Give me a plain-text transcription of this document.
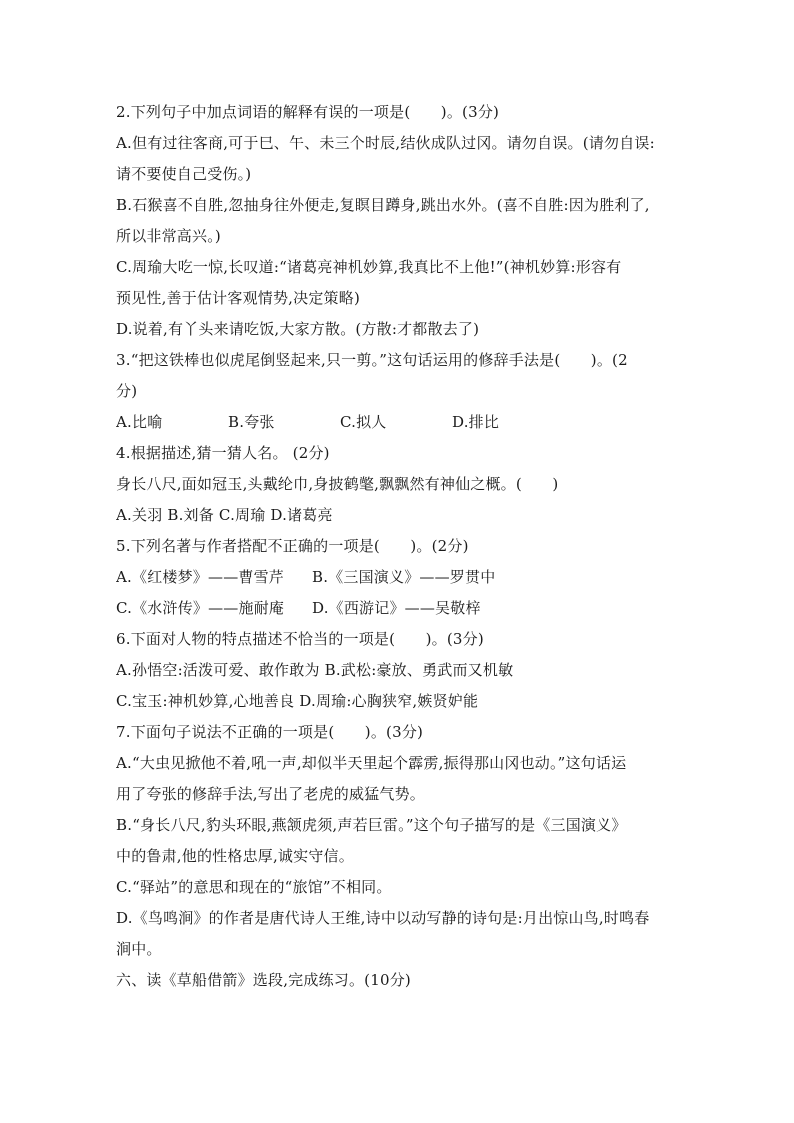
2.下列句子中加点词语的解释有误的一项是(　　)。(3分)
A.但有过往客商,可于巳、午、未三个时辰,结伙成队过冈。请勿自误。(请勿自误:
请不要使自己受伤。)
B.石猴喜不自胜,忽抽身往外便走,复瞑目蹲身,跳出水外。(喜不自胜:因为胜利了,
所以非常高兴。)
C.周瑜大吃一惊,长叹道:“诸葛亮神机妙算,我真比不上他!”(神机妙算:形容有
预见性,善于估计客观情势,决定策略)
D.说着,有丫头来请吃饭,大家方散。(方散:才都散去了)
3.“把这铁棒也似虎尾倒竖起来,只一剪。”这句话运用的修辞手法是(　　)。(2
分)
A.比喻	B.夸张	C.拟人	D.排比
4.根据描述,猜一猜人名。 (2分)
身长八尺,面如冠玉,头戴纶巾,身披鹤氅,飘飘然有神仙之概。(　　)
A.关羽 B.刘备 C.周瑜 D.诸葛亮
5.下列名著与作者搭配不正确的一项是(　　)。(2分)
A.《红楼梦》——曹雪芹 B.《三国演义》——罗贯中
C.《水浒传》——施耐庵 D.《西游记》——吴敬梓
6.下面对人物的特点描述不恰当的一项是(　　)。(3分)
A.孙悟空:活泼可爱、敢作敢为 B.武松:豪放、勇武而又机敏
C.宝玉:神机妙算,心地善良 D.周瑜:心胸狭窄,嫉贤妒能
7.下面句子说法不正确的一项是(　　)。(3分)
A.“大虫见掀他不着,吼一声,却似半天里起个霹雳,振得那山冈也动。”这句话运
用了夸张的修辞手法,写出了老虎的威猛气势。
B.“身长八尺,豹头环眼,燕颔虎须,声若巨雷。”这个句子描写的是《三国演义》
中的鲁肃,他的性格忠厚,诚实守信。
C.“驿站”的意思和现在的“旅馆”不相同。
D.《鸟鸣涧》的作者是唐代诗人王维,诗中以动写静的诗句是:月出惊山鸟,时鸣春
涧中。
六、读《草船借箭》选段,完成练习。(10分)
